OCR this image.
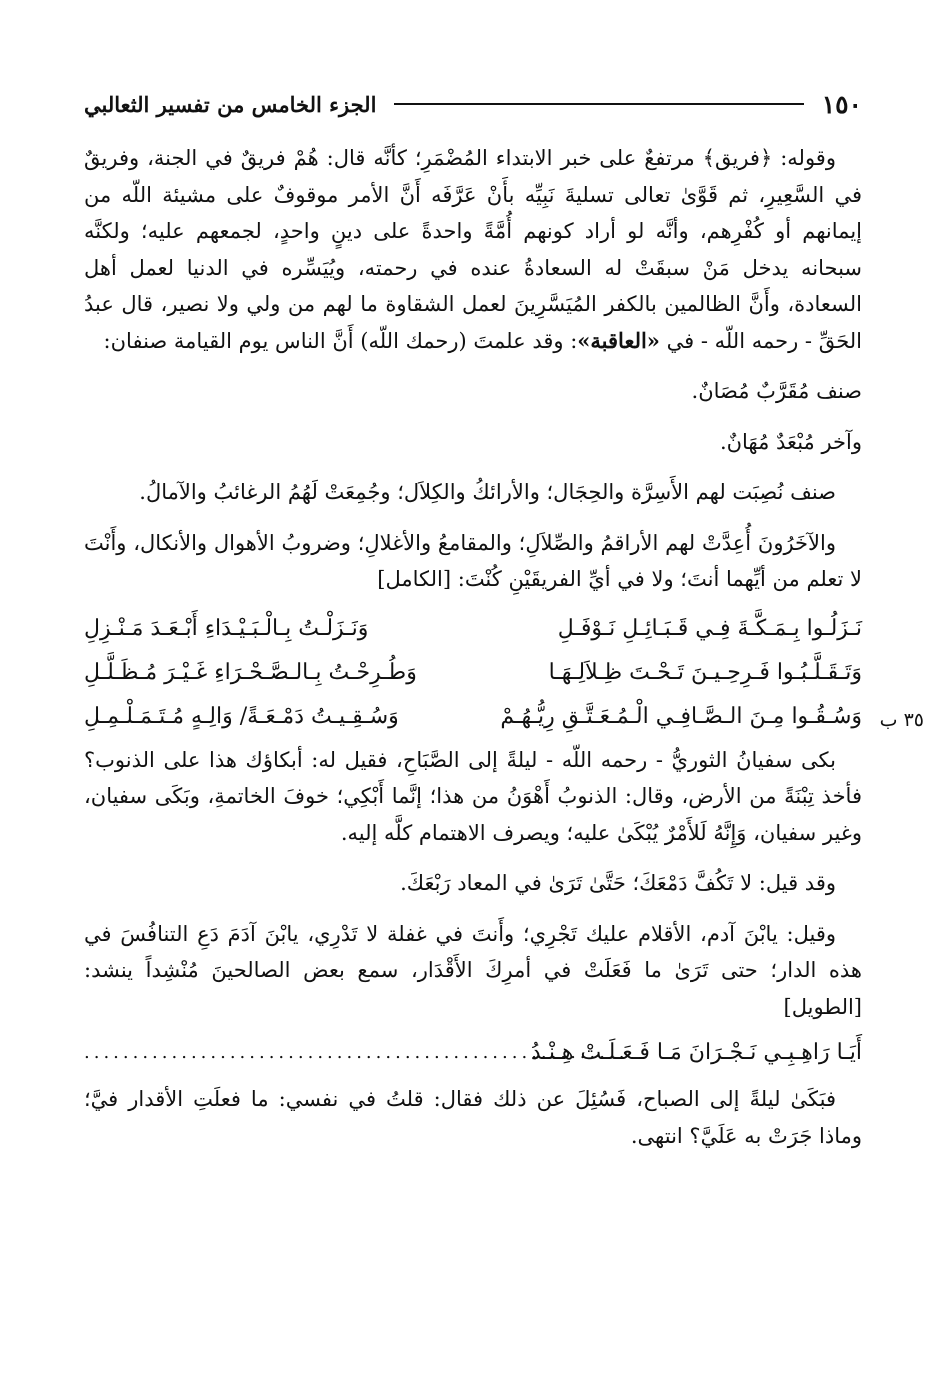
١٥٠
الجزء الخامس من تفسير الثعالبي

وقوله: ﴿فريق﴾ مرتفعٌ على خبر الابتداء المُضْمَرِ؛ كأنَّه قال: هُمْ فريقٌ في الجنة، وفريقٌ في السَّعِيرِ، ثم قَوَّىٰ تعالى تسليةَ نَبِيِّه بأَنْ عَرَّفَه أَنَّ الأمر موقوفٌ على مشيئة اللّه من إيمانهم أو كُفْرِهم، وأنَّه لو أراد كونهم أُمَّةً واحدةً على دينٍ واحدٍ، لجمعهم عليه؛ ولكنَّه سبحانه يدخل مَنْ سبقَتْ له السعادةُ عنده في رحمته، ويُيَسِّره في الدنيا لعمل أهل السعادة، وأَنَّ الظالمين بالكفر المُيَسَّرِينَ لعمل الشقاوة ما لهم من ولي ولا نصير، قال عبدُ الحَقِّ - رحمه اللّه - في «العاقبة»: وقد علمتَ (رحمك اللّه) أَنَّ الناس يوم القيامة صنفان:

صنف مُقَرَّبٌ مُصَانٌ.

وآخر مُبْعَدٌ مُهَانٌ.

صنف نُصِبَت لهم الأَسِرَّة والحِجَال؛ والأرائكُ والكِلاَل؛ وجُمِعَتْ لَهُمُ الرغائبُ والآمالُ.

والآخَرُونَ أُعِدَّتْ لهم الأراقمُ والصِّلاَلِ؛ والمقامعُ والأغلالِ؛ وضروبُ الأهوال والأنكال، وأَنْتَ لا تعلم من أيِّهما أنتَ؛ ولا في أيِّ الفريقَيْنِ كُنْتَ: [الكامل]

نَـزَلُـوا بِـمَـكَّـةَ فِـي قَـبَـائِـلِ نَـوْفَـلِ
وَنَـزَلْـتُ بِـالْـبَـيْـدَاءِ أَبْـعَـدَ مَـنْـزِلِ
وَتَـقَـلَّـبُـوا فَـرِحِـيـنَ تَـحْـتَ ظِـلاَلِـهَـا
وَطُـرِحْـتُ بِـالـصَّـحْـرَاءِ غَـيْـرَ مُـظَـلَّـلِ
٣٥ ب
وَسُـقُـوا مِـنَ الـصَّـافِـي الْـمُـعَـتَّـقِ رِيُّـهُـمْ
وَسُـقِـيـتُ دَمْـعَـةً/ وَالِـهٍ مُـتَـمَـلْـمِـلِ

بكى سفيانُ الثوريُّ - رحمه اللّه - ليلةً إلى الصَّبَاحِ، فقيل له: أبكاؤك هذا على الذنوب؟ فأخذ تِبْنَةً من الأرض، وقال: الذنوبُ أَهْوَنُ من هذا؛ إنَّما أَبْكِي؛ خوفَ الخاتمةِ، وبَكَى سفيان، وغير سفيان، وَإِنَّهُ لَلأَمْرٌ يُبْكَىٰ عليه؛ ويصرف الاهتمام كلَّه إليه.

وقد قيل: لا تَكُفَّ دَمْعَكَ؛ حَتَّىٰ تَرَىٰ في المعاد رَبْعَكَ.

وقيل: يابْنَ آدم، الأقلام عليك تَجْرِي؛ وأَنتَ في غفلة لا تَدْرِي، يابْنَ آدَمَ دَعِ التنافُسَ في هذه الدار؛ حتى تَرَىٰ ما فَعَلَتْ في أمرِكَ الأَقْدَار، سمع بعض الصالحينَ مُنْشِداً ينشد: [الطويل]

أَيَـا رَاهِـبِـي نَـجْـرَانَ مَـا فَـعَـلَـتْ هِـنْـدُ
........................................................

فبَكَىٰ ليلةً إلى الصباح، فَسُئِلَ عن ذلك فقال: قلتُ في نفسي: ما فعلَتِ الأقدار فيَّ؛ وماذا جَرَتْ به عَلَيَّ؟ انتهى.
